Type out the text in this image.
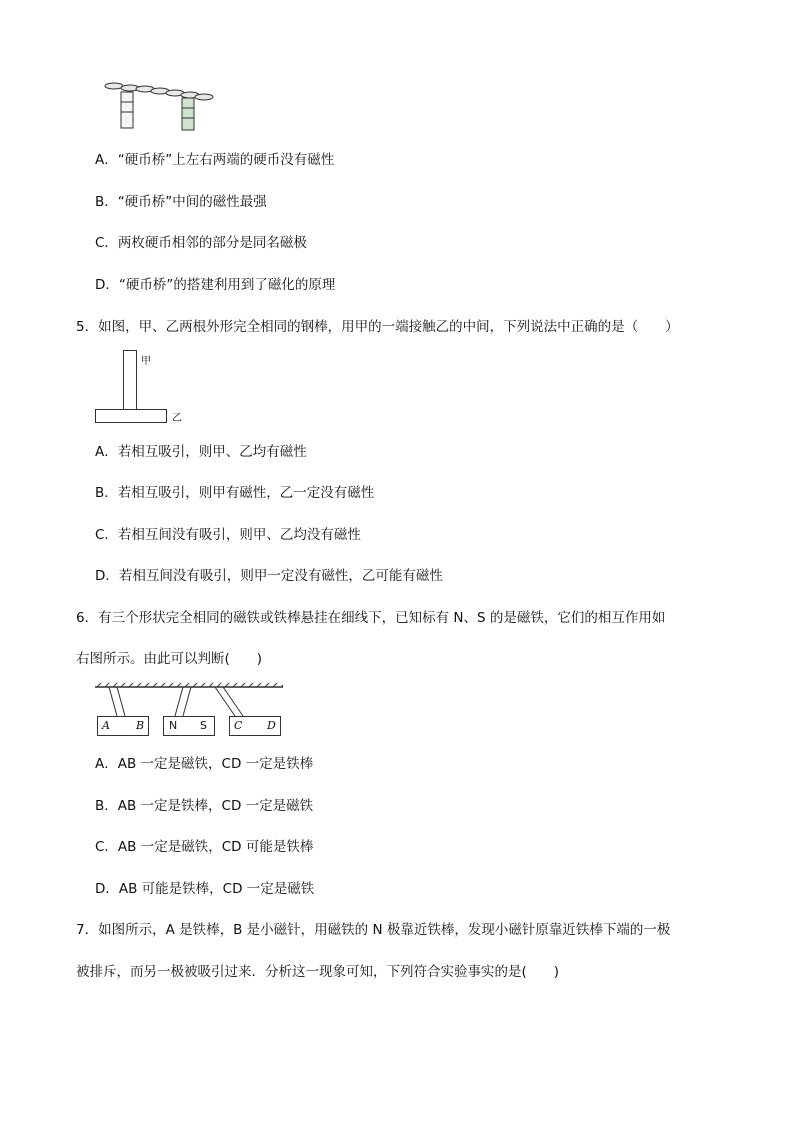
A．“硬币桥”上左右两端的硬币没有磁性
B．“硬币桥”中间的磁性最强
C．两枚硬币相邻的部分是同名磁极
D．“硬币桥”的搭建利用到了磁化的原理
5．如图，甲、乙两根外形完全相同的钢棒，用甲的一端接触乙的中间，下列说法中正确的是（　　）
甲
乙
A．若相互吸引，则甲、乙均有磁性
B．若相互吸引，则甲有磁性，乙一定没有磁性
C．若相互间没有吸引，则甲、乙均没有磁性
D．若相互间没有吸引，则甲一定没有磁性，乙可能有磁性
6．有三个形状完全相同的磁铁或铁棒悬挂在细线下，已知标有 N、S 的是磁铁，它们的相互作用如
右图所示。由此可以判断(　　)
A B N S C D
A．AB 一定是磁铁，CD 一定是铁棒
B．AB 一定是铁棒，CD 一定是磁铁
C．AB 一定是磁铁，CD 可能是铁棒
D．AB 可能是铁棒，CD 一定是磁铁
7．如图所示，A 是铁棒，B 是小磁针，用磁铁的 N 极靠近铁棒，发现小磁针原靠近铁棒下端的一极
被排斥，而另一极被吸引过来．分析这一现象可知，下列符合实验事实的是(　　)
